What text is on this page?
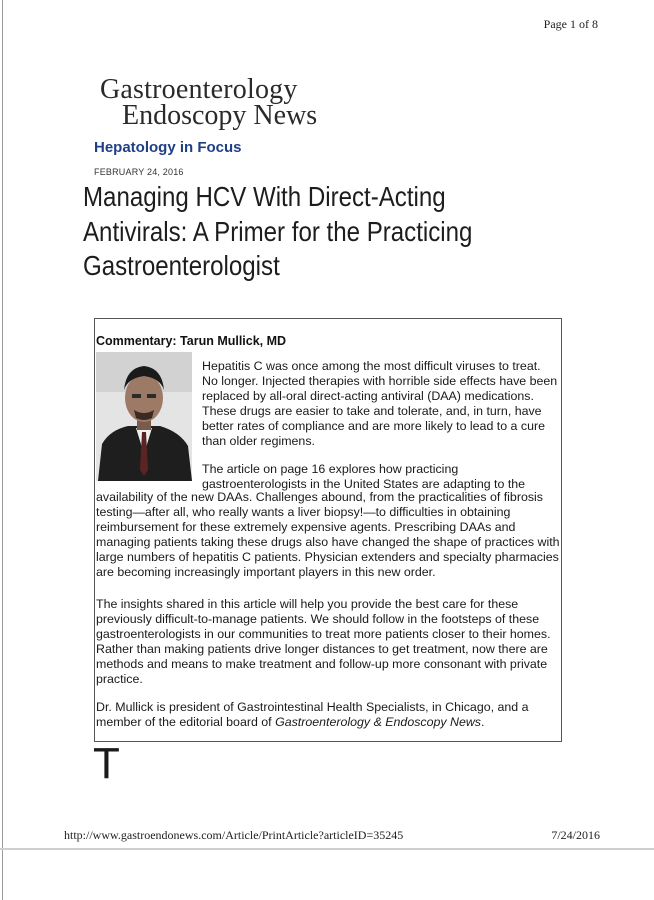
Page 1 of 8
Gastroenterology
Endoscopy News
Hepatology in Focus
FEBRUARY 24, 2016
Managing HCV With Direct-Acting
Antivirals: A Primer for the Practicing
Gastroenterologist
Commentary: Tarun Mullick, MD
Hepatitis C was once among the most difficult viruses to treat. No longer. Injected therapies with horrible side effects have been replaced by all-oral direct-acting antiviral (DAA) medications. These drugs are easier to take and tolerate, and, in turn, have better rates of compliance and are more likely to lead to a cure than older regimens.
The article on page 16 explores how practicing gastroenterologists in the United States are adapting to the
availability of the new DAAs. Challenges abound, from the practicalities of fibrosis testing—after all, who really wants a liver biopsy!—to difficulties in obtaining reimbursement for these extremely expensive agents. Prescribing DAAs and managing patients taking these drugs also have changed the shape of practices with large numbers of hepatitis C patients. Physician extenders and specialty pharmacies are becoming increasingly important players in this new order.
The insights shared in this article will help you provide the best care for these previously difficult-to-manage patients. We should follow in the footsteps of these gastroenterologists in our communities to treat more patients closer to their homes. Rather than making patients drive longer distances to get treatment, now there are methods and means to make treatment and follow-up more consonant with private practice.
Dr. Mullick is president of Gastrointestinal Health Specialists, in Chicago, and a member of the editorial board of Gastroenterology & Endoscopy News.
T
http://www.gastroendonews.com/Article/PrintArticle?articleID=35245	7/24/2016
